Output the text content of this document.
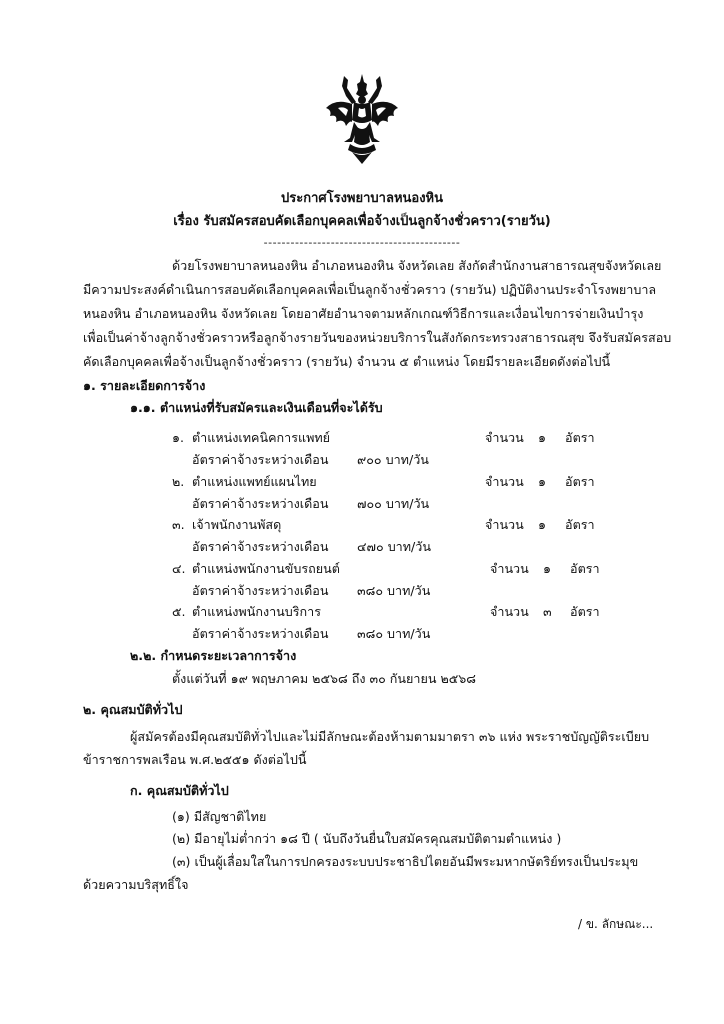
ประกาศโรงพยาบาลหนองหิน
เรื่อง รับสมัครสอบคัดเลือกบุคคลเพื่อจ้างเป็นลูกจ้างชั่วคราว(รายวัน)
--------------------------------------------
ด้วยโรงพยาบาลหนองหิน อำเภอหนองหิน จังหวัดเลย สังกัดสำนักงานสาธารณสุขจังหวัดเลย
มีความประสงค์ดำเนินการสอบคัดเลือกบุคคลเพื่อเป็นลูกจ้างชั่วคราว (รายวัน) ปฏิบัติงานประจำโรงพยาบาล
หนองหิน อำเภอหนองหิน จังหวัดเลย โดยอาศัยอำนาจตามหลักเกณฑ์วิธีการและเงื่อนไขการจ่ายเงินบำรุง
เพื่อเป็นค่าจ้างลูกจ้างชั่วคราวหรือลูกจ้างรายวันของหน่วยบริการในสังกัดกระทรวงสาธารณสุข จึงรับสมัครสอบ
คัดเลือกบุคคลเพื่อจ้างเป็นลูกจ้างชั่วคราว (รายวัน) จำนวน ๕ ตำแหน่ง โดยมีรายละเอียดดังต่อไปนี้
๑. รายละเอียดการจ้าง
๑.๑. ตำแหน่งที่รับสมัครและเงินเดือนที่จะได้รับ
๑. ตำแหน่งเทคนิคการแพทย์	จำนวน ๑ อัตรา
อัตราค่าจ้างระหว่างเดือน ๙๐๐ บาท/วัน
๒. ตำแหน่งแพทย์แผนไทย	จำนวน ๑ อัตรา
อัตราค่าจ้างระหว่างเดือน ๗๐๐ บาท/วัน
๓. เจ้าพนักงานพัสดุ	จำนวน ๑ อัตรา
อัตราค่าจ้างระหว่างเดือน ๔๗๐ บาท/วัน
๔. ตำแหน่งพนักงานขับรถยนต์	จำนวน ๑ อัตรา
อัตราค่าจ้างระหว่างเดือน ๓๘๐ บาท/วัน
๕. ตำแหน่งพนักงานบริการ	จำนวน ๓ อัตรา
อัตราค่าจ้างระหว่างเดือน ๓๘๐ บาท/วัน
๒.๒. กำหนดระยะเวลาการจ้าง
ตั้งแต่วันที่ ๑๙ พฤษภาคม ๒๕๖๘ ถึง ๓๐ กันยายน ๒๕๖๘
๒. คุณสมบัติทั่วไป
ผู้สมัครต้องมีคุณสมบัติทั่วไปและไม่มีลักษณะต้องห้ามตามมาตรา ๓๖ แห่ง พระราชบัญญัติระเบียบ
ข้าราชการพลเรือน พ.ศ.๒๕๕๑ ดังต่อไปนี้
ก. คุณสมบัติทั่วไป
(๑) มีสัญชาติไทย
(๒) มีอายุไม่ต่ำกว่า ๑๘ ปี ( นับถึงวันยื่นใบสมัครคุณสมบัติตามตำแหน่ง )
(๓) เป็นผู้เลื่อมใสในการปกครองระบบประชาธิปไตยอันมีพระมหากษัตริย์ทรงเป็นประมุข
ด้วยความบริสุทธิ์ใจ
/ ข. ลักษณะ...
